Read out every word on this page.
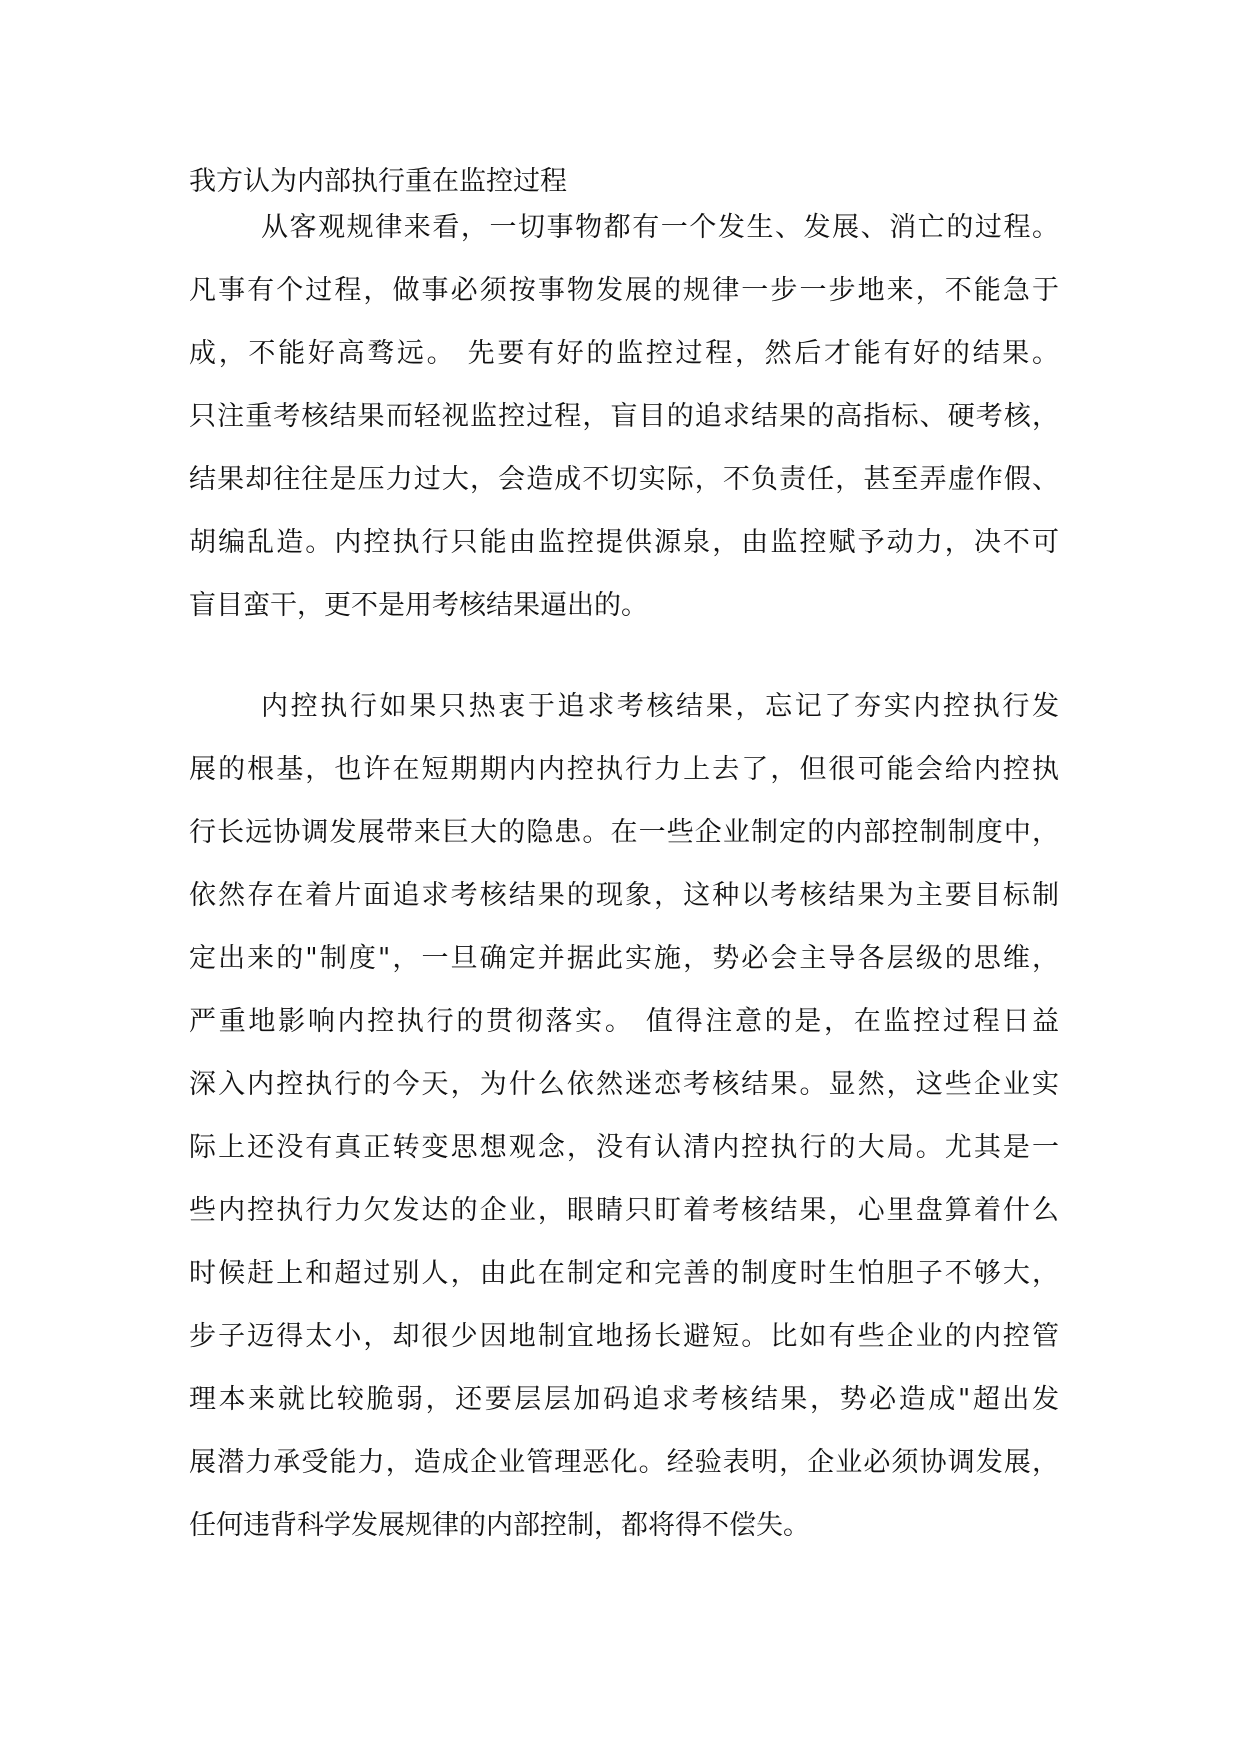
我方认为内部执行重在监控过程
从客观规律来看，一切事物都有一个发生、发展、消亡的过程。
凡事有个过程，做事必须按事物发展的规律一步一步地来，不能急于
成，不能好高骛远。 先要有好的监控过程，然后才能有好的结果。
只注重考核结果而轻视监控过程，盲目的追求结果的高指标、硬考核，
结果却往往是压力过大，会造成不切实际，不负责任，甚至弄虚作假、
胡编乱造。内控执行只能由监控提供源泉，由监控赋予动力，决不可
盲目蛮干，更不是用考核结果逼出的。
内控执行如果只热衷于追求考核结果，忘记了夯实内控执行发
展的根基，也许在短期期内内控执行力上去了，但很可能会给内控执
行长远协调发展带来巨大的隐患。在一些企业制定的内部控制制度中，
依然存在着片面追求考核结果的现象，这种以考核结果为主要目标制
定出来的"制度"，一旦确定并据此实施，势必会主导各层级的思维，
严重地影响内控执行的贯彻落实。 值得注意的是，在监控过程日益
深入内控执行的今天，为什么依然迷恋考核结果。显然，这些企业实
际上还没有真正转变思想观念，没有认清内控执行的大局。尤其是一
些内控执行力欠发达的企业，眼睛只盯着考核结果，心里盘算着什么
时候赶上和超过别人，由此在制定和完善的制度时生怕胆子不够大，
步子迈得太小，却很少因地制宜地扬长避短。比如有些企业的内控管
理本来就比较脆弱，还要层层加码追求考核结果，势必造成"超出发
展潜力承受能力，造成企业管理恶化。经验表明，企业必须协调发展，
任何违背科学发展规律的内部控制，都将得不偿失。
